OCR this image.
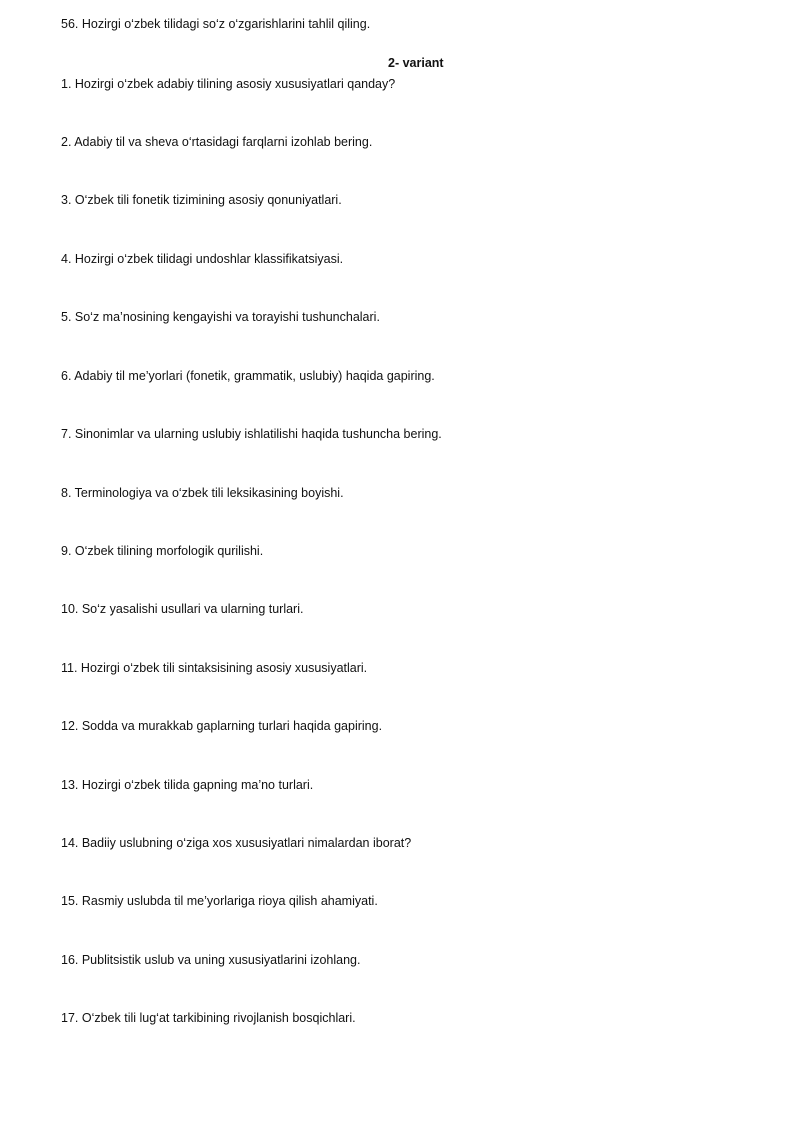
56. Hozirgi o‘zbek tilidagi so‘z o‘zgarishlarini tahlil qiling.
2- variant
1. Hozirgi o‘zbek adabiy tilining asosiy xususiyatlari qanday?
2. Adabiy til va sheva o‘rtasidagi farqlarni izohlab bering.
3. O‘zbek tili fonetik tizimining asosiy qonuniyatlari.
4. Hozirgi o‘zbek tilidagi undoshlar klassifikatsiyasi.
5. So‘z ma’nosining kengayishi va torayishi tushunchalari.
6. Adabiy til me’yorlari (fonetik, grammatik, uslubiy) haqida gapiring.
7. Sinonimlar va ularning uslubiy ishlatilishi haqida tushuncha bering.
8. Terminologiya va o‘zbek tili leksikasining boyishi.
9. O‘zbek tilining morfologik qurilishi.
10. So‘z yasalishi usullari va ularning turlari.
11. Hozirgi o‘zbek tili sintaksisining asosiy xususiyatlari.
12. Sodda va murakkab gaplarning turlari haqida gapiring.
13. Hozirgi o‘zbek tilida gapning ma’no turlari.
14. Badiiy uslubning o‘ziga xos xususiyatlari nimalardan iborat?
15. Rasmiy uslubda til me’yorlariga rioya qilish ahamiyati.
16. Publitsistik uslub va uning xususiyatlarini izohlang.
17. O‘zbek tili lug‘at tarkibining rivojlanish bosqichlari.
